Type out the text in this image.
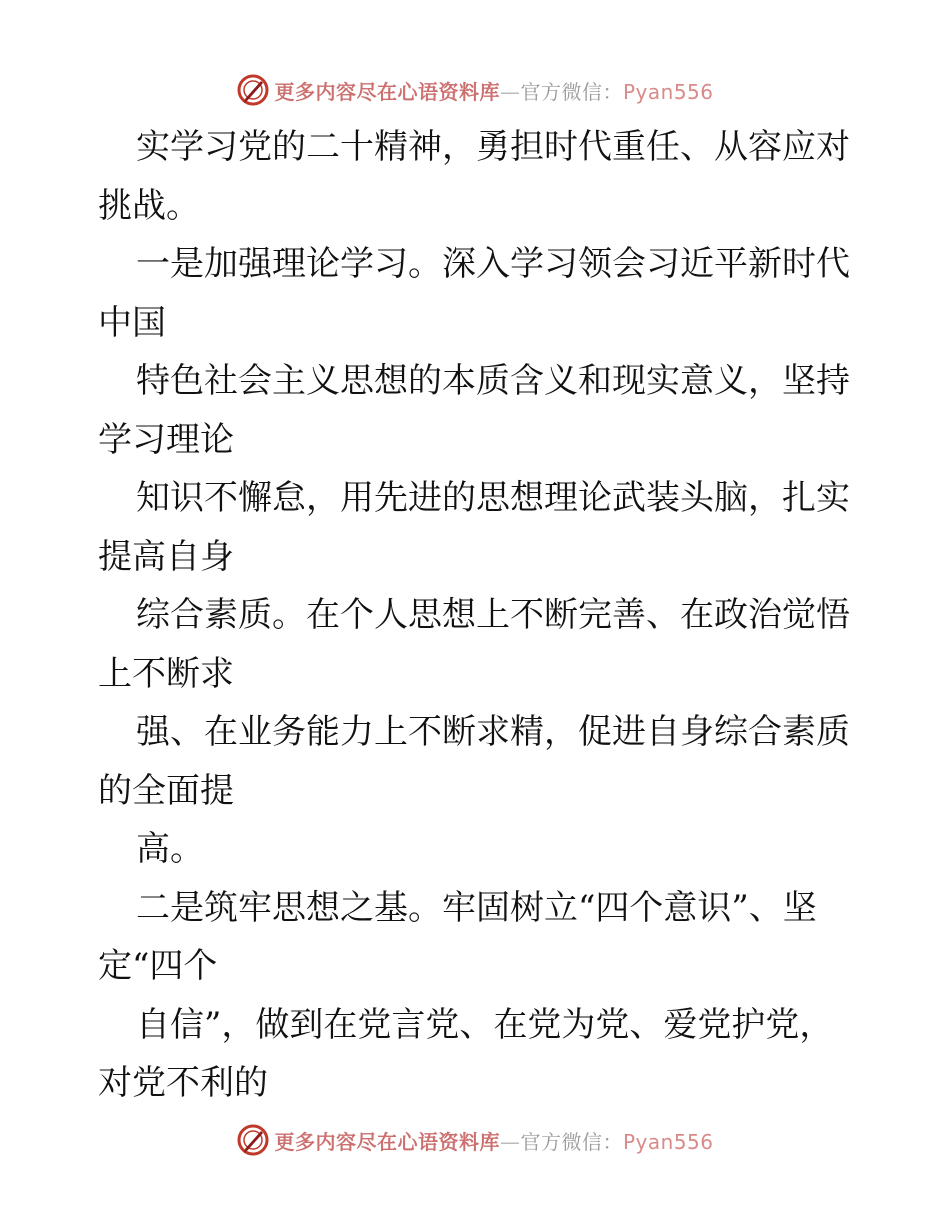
更多内容尽在心语资料库—官方微信：Pyan556
实学习党的二十精神，勇担时代重任、从容应对
挑战。
一是加强理论学习。深入学习领会习近平新时代
中国
特色社会主义思想的本质含义和现实意义，坚持
学习理论
知识不懈怠，用先进的思想理论武装头脑，扎实
提高自身
综合素质。在个人思想上不断完善、在政治觉悟
上不断求
强、在业务能力上不断求精，促进自身综合素质
的全面提
高。
二是筑牢思想之基。牢固树立“四个意识”、坚
定“四个
自信”，做到在党言党、在党为党、爱党护党，
对党不利的
更多内容尽在心语资料库—官方微信：Pyan556
